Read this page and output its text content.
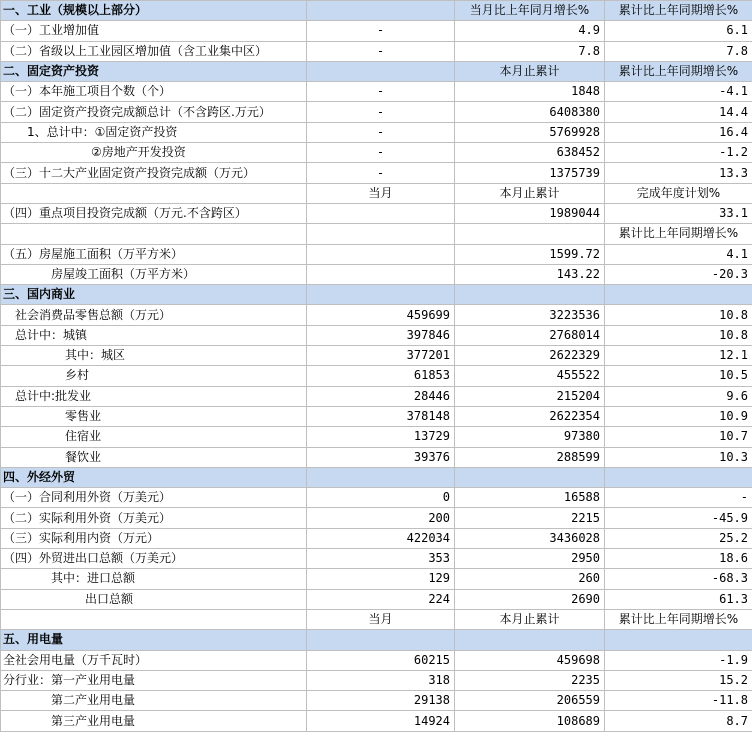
一、工业（规模以上部分）		当月比上年同月增长%	累计比上年同期增长%
（一）工业增加值	-	4.9	6.1
（二）省级以上工业园区增加值（含工业集中区）	-	7.8	7.8
二、固定资产投资		本月止累计	累计比上年同期增长%
（一）本年施工项目个数（个）	-	1848	-4.1
（二）固定资产投资完成额总计（不含跨区.万元）	-	6408380	14.4
1、总计中：①固定资产投资	-	5769928	16.4
②房地产开发投资	-	638452	-1.2
（三）十二大产业固定资产投资完成额（万元）	-	1375739	13.3
	当月	本月止累计	完成年度计划%
（四）重点项目投资完成额（万元.不含跨区）		1989044	33.1
			累计比上年同期增长%
（五）房屋施工面积（万平方米）		1599.72	4.1
房屋竣工面积（万平方米）		143.22	-20.3
三、国内商业			
社会消费品零售总额（万元）	459699	3223536	10.8
总计中：城镇	397846	2768014	10.8
其中：城区	377201	2622329	12.1
乡村	61853	455522	10.5
总计中:批发业	28446	215204	9.6
零售业	378148	2622354	10.9
住宿业	13729	97380	10.7
餐饮业	39376	288599	10.3
四、外经外贸			
（一）合同利用外资（万美元）	0	16588	-
（二）实际利用外资（万美元）	200	2215	-45.9
（三）实际利用内资（万元）	422034	3436028	25.2
（四）外贸进出口总额（万美元）	353	2950	18.6
其中：进口总额	129	260	-68.3
出口总额	224	2690	61.3
	当月	本月止累计	累计比上年同期增长%
五、用电量			
全社会用电量（万千瓦时）	60215	459698	-1.9
分行业：第一产业用电量	318	2235	15.2
第二产业用电量	29138	206559	-11.8
第三产业用电量	14924	108689	8.7
